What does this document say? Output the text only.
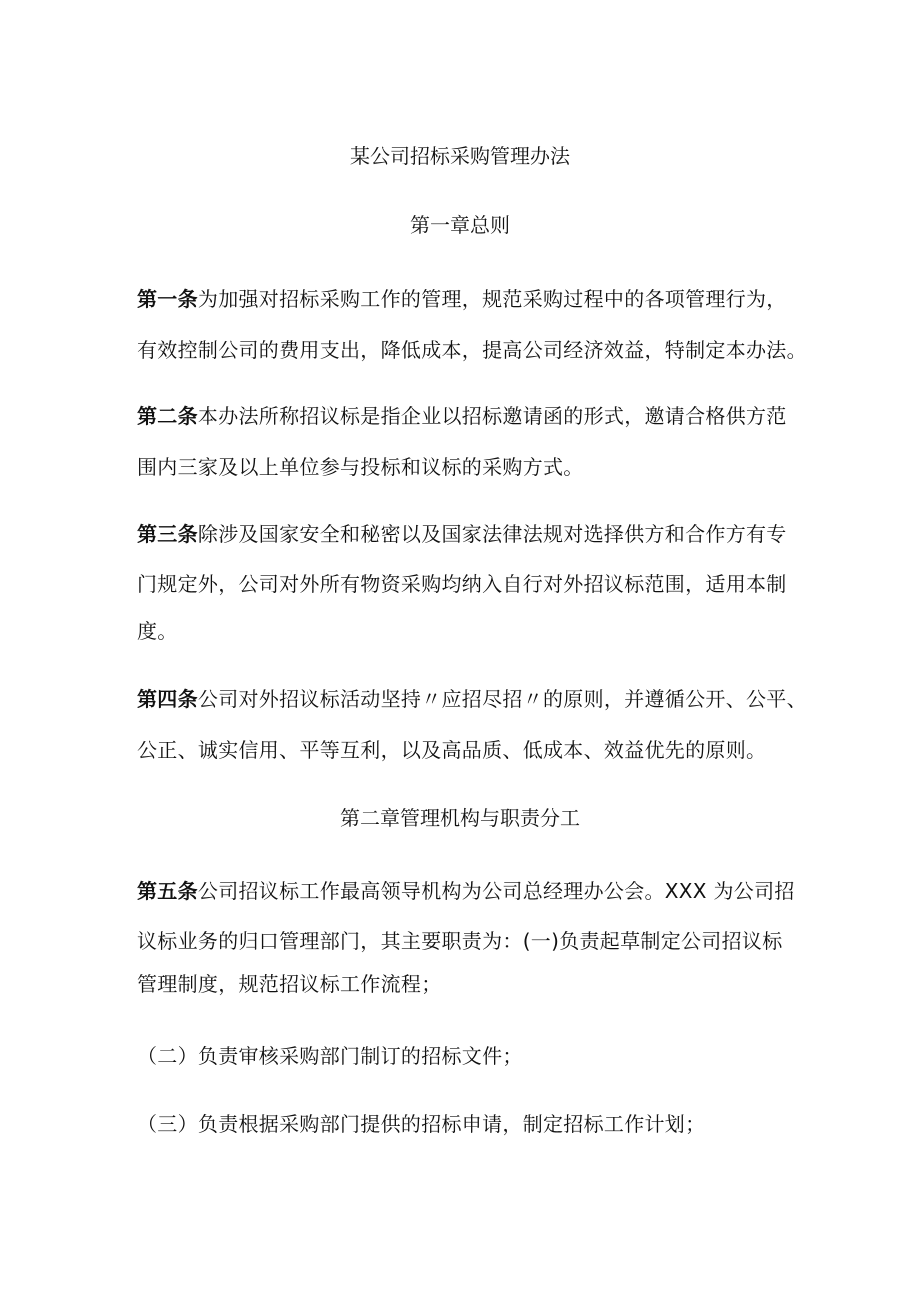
某公司招标采购管理办法
第一章总则
第一条为加强对招标采购工作的管理，规范采购过程中的各项管理行为，
有效控制公司的费用支出，降低成本，提高公司经济效益，特制定本办法。
第二条本办法所称招议标是指企业以招标邀请函的形式，邀请合格供方范
围内三家及以上单位参与投标和议标的采购方式。
第三条除涉及国家安全和秘密以及国家法律法规对选择供方和合作方有专
门规定外，公司对外所有物资采购均纳入自行对外招议标范围，适用本制
度。
第四条公司对外招议标活动坚持〃应招尽招〃的原则，并遵循公开、公平、
公正、诚实信用、平等互利，以及高品质、低成本、效益优先的原则。
第二章管理机构与职责分工
第五条公司招议标工作最高领导机构为公司总经理办公会。XXX 为公司招
议标业务的归口管理部门，其主要职责为：(一)负责起草制定公司招议标
管理制度，规范招议标工作流程；
（二）负责审核采购部门制订的招标文件；
（三）负责根据采购部门提供的招标申请，制定招标工作计划；
